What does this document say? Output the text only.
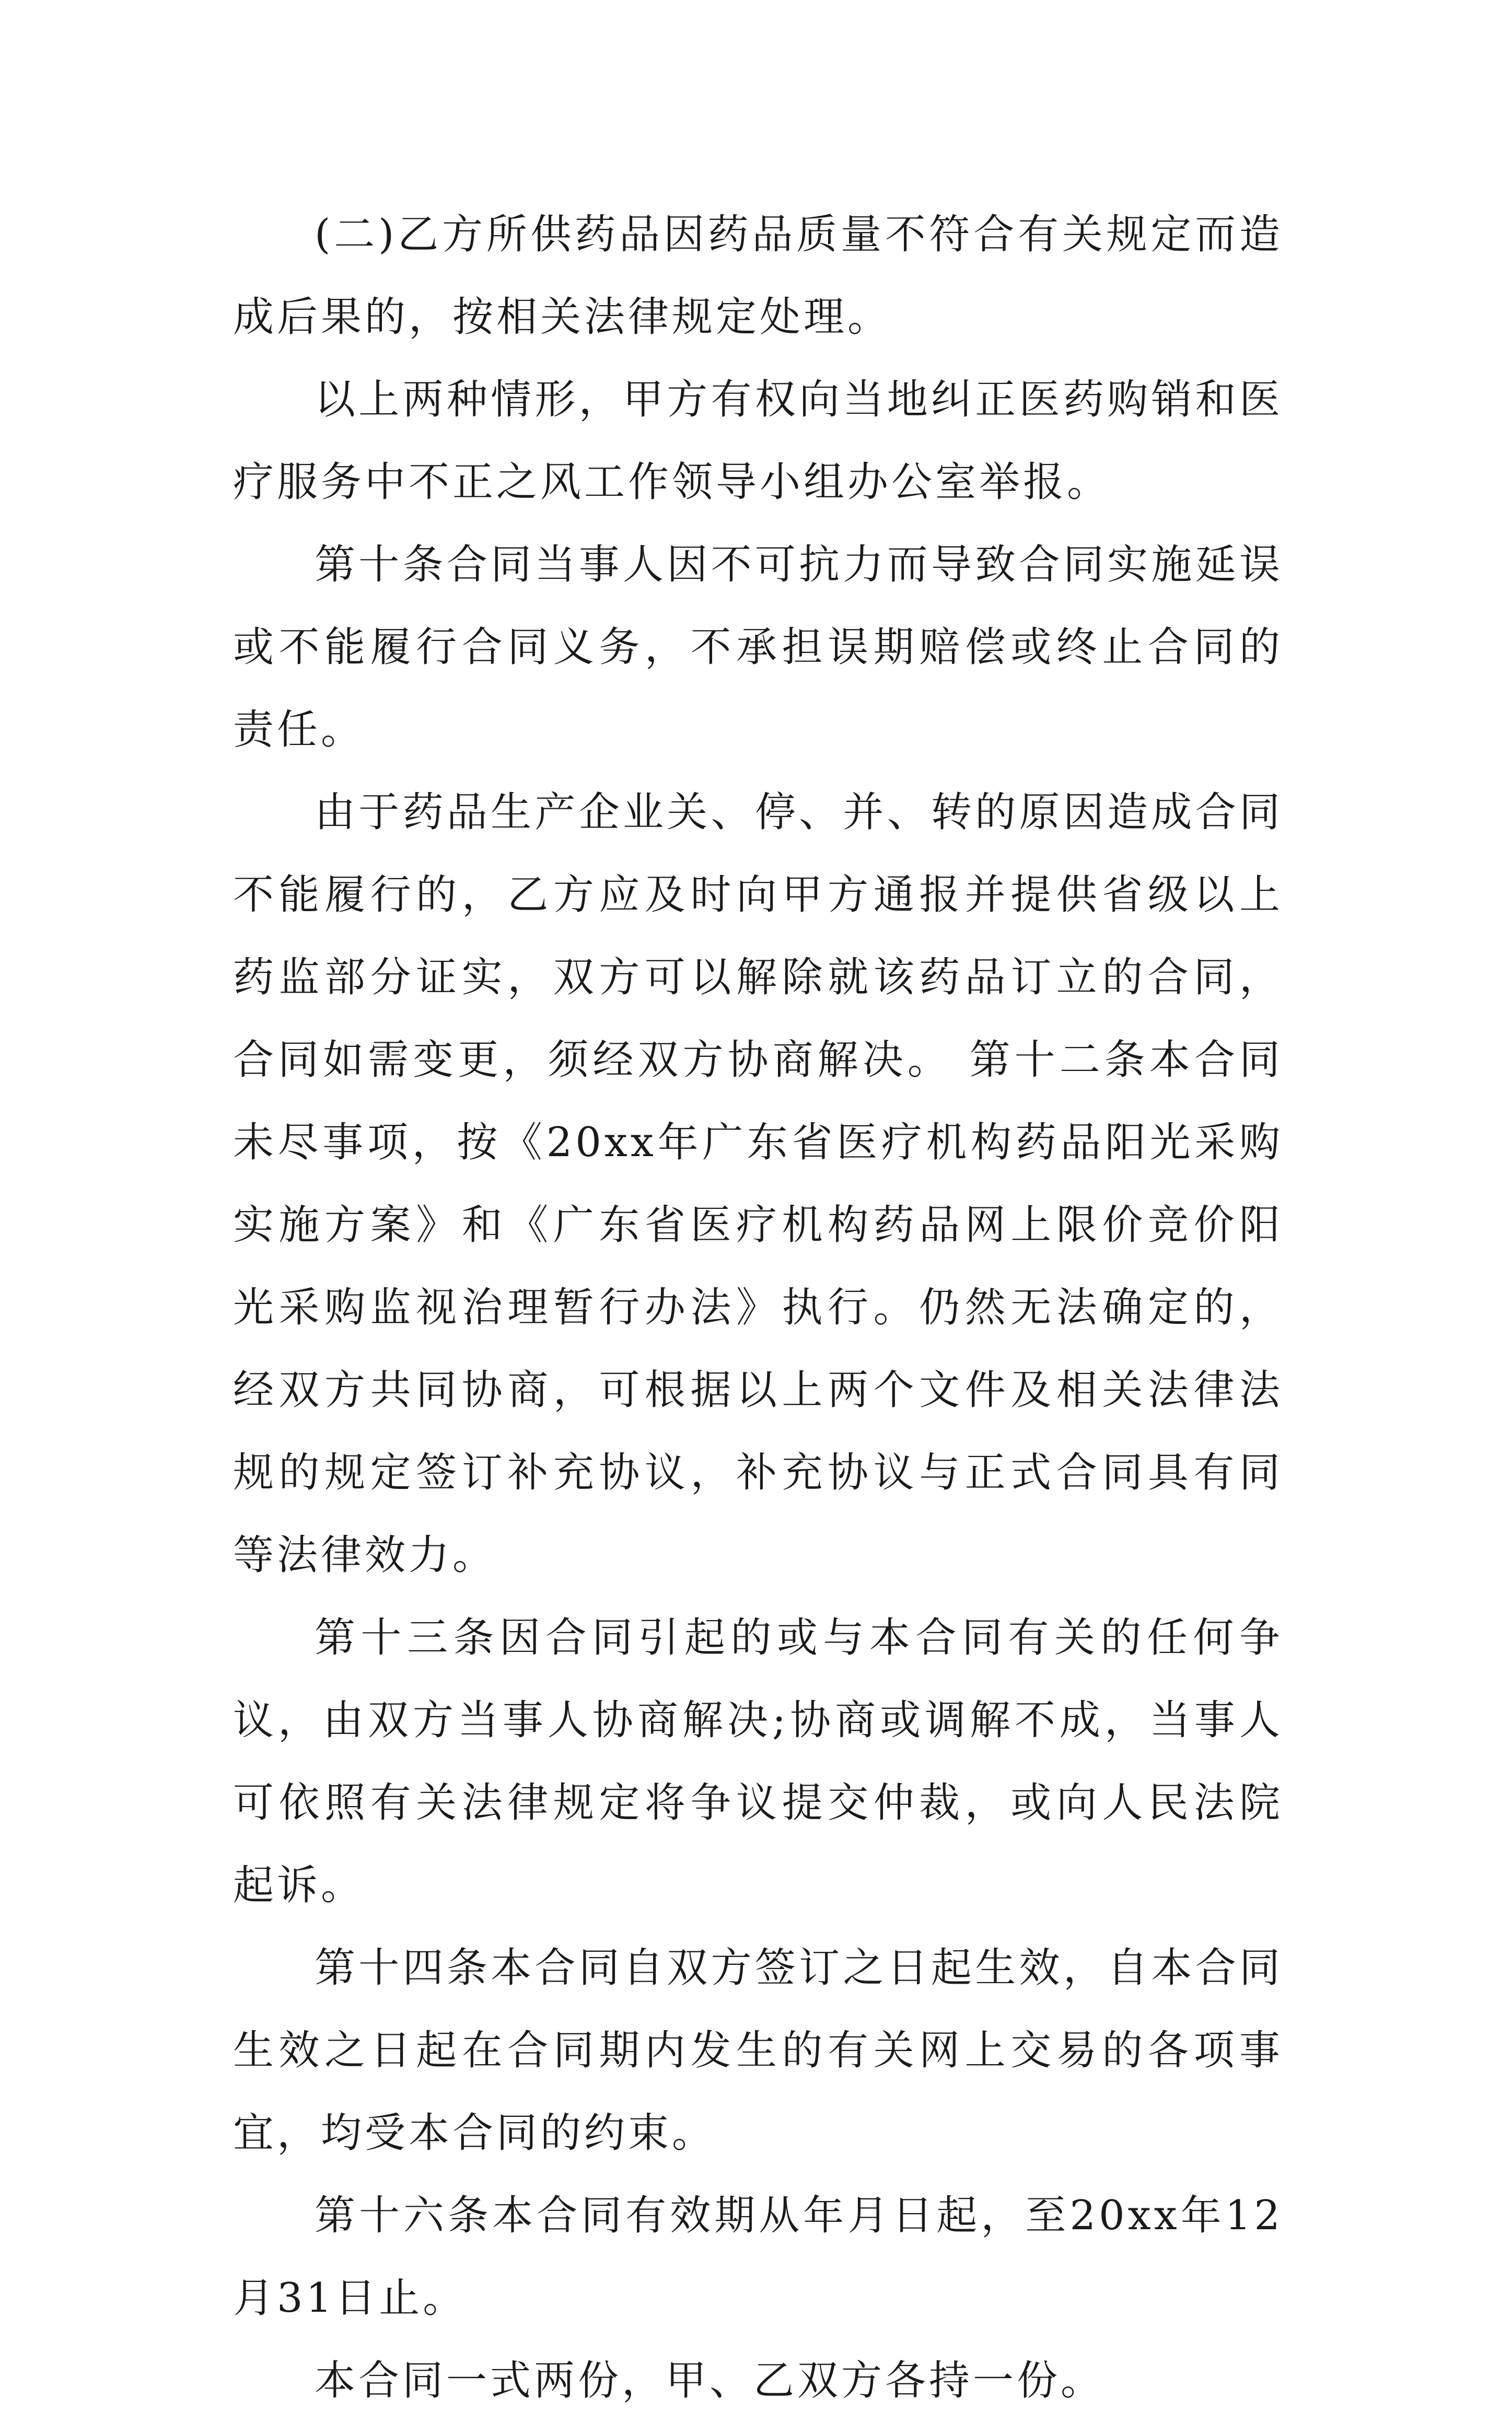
(二)乙方所供药品因药品质量不符合有关规定而造成后果的，按相关法律规定处理。

以上两种情形，甲方有权向当地纠正医药购销和医疗服务中不正之风工作领导小组办公室举报。

第十条合同当事人因不可抗力而导致合同实施延误或不能履行合同义务，不承担误期赔偿或终止合同的责任。

由于药品生产企业关、停、并、转的原因造成合同不能履行的，乙方应及时向甲方通报并提供省级以上药监部分证实，双方可以解除就该药品订立的合同，合同如需变更，须经双方协商解决。 第十二条本合同未尽事项，按《20xx年广东省医疗机构药品阳光采购实施方案》和《广东省医疗机构药品网上限价竞价阳光采购监视治理暂行办法》执行。仍然无法确定的，经双方共同协商，可根据以上两个文件及相关法律法规的规定签订补充协议，补充协议与正式合同具有同等法律效力。

第十三条因合同引起的或与本合同有关的任何争议，由双方当事人协商解决;协商或调解不成，当事人可依照有关法律规定将争议提交仲裁，或向人民法院起诉。

第十四条本合同自双方签订之日起生效，自本合同生效之日起在合同期内发生的有关网上交易的各项事宜，均受本合同的约束。

第十六条本合同有效期从年月日起，至20xx年12月31日止。

本合同一式两份，甲、乙双方各持一份。
